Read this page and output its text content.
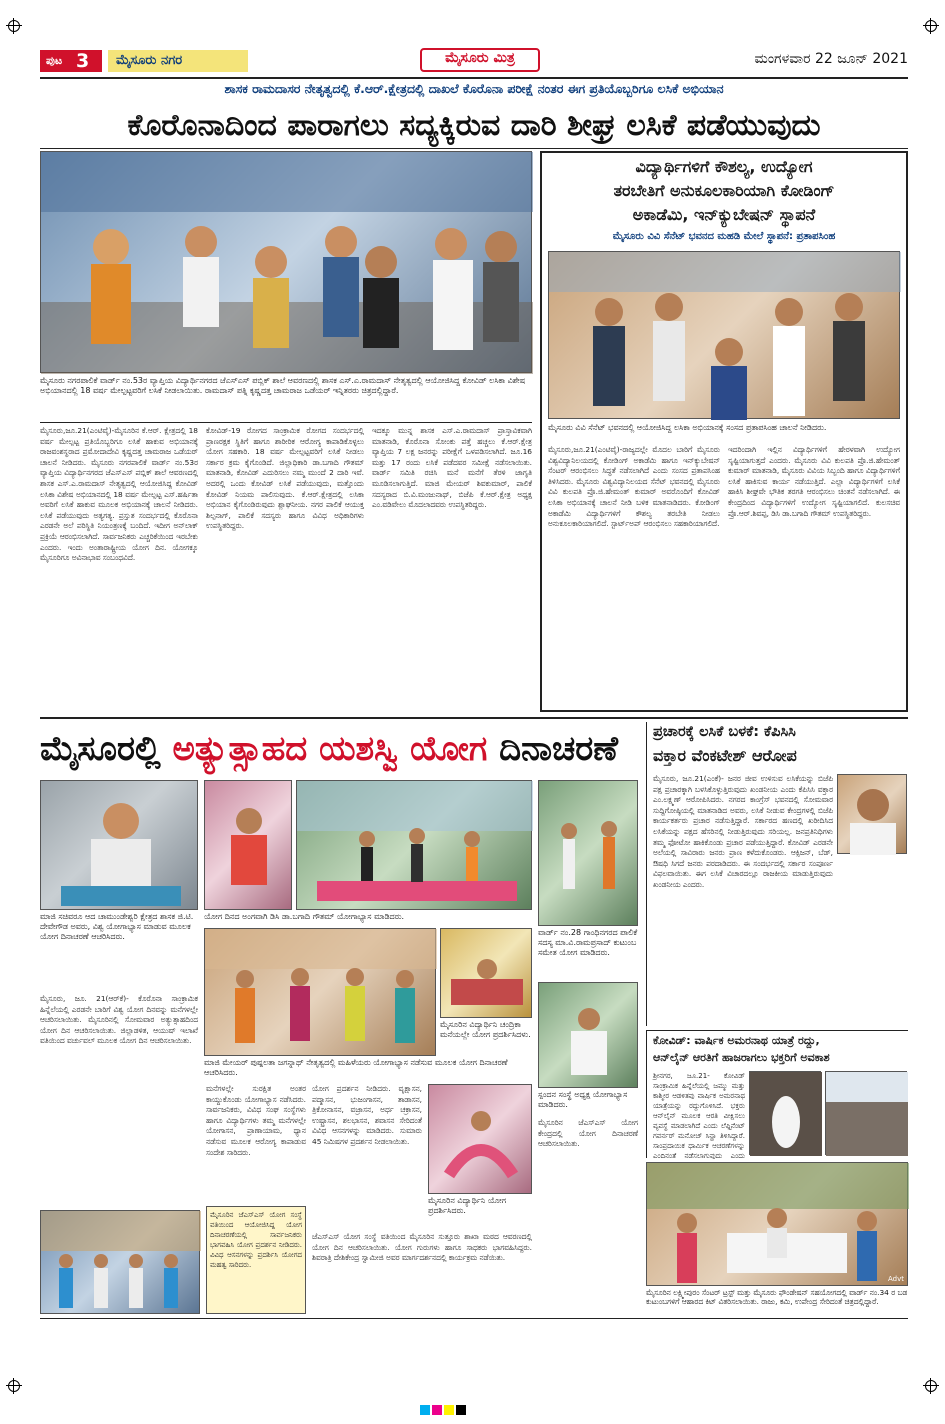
ಪುಟ 3	ಮೈಸೂರು ನಗರ	ಮೈಸೂರು ಮಿತ್ರ	ಮಂಗಳವಾರ 22 ಜೂನ್ 2021
ಶಾಸಕ ರಾಮದಾಸರ ನೇತೃತ್ವದಲ್ಲಿ ಕೆ.ಆರ್.ಕ್ಷೇತ್ರದಲ್ಲಿ ದಾಖಲೆ ಕೊರೊನಾ ಪರೀಕ್ಷೆ ನಂತರ ಈಗ ಪ್ರತಿಯೊಬ್ಬರಿಗೂ ಲಸಿಕೆ ಅಭಿಯಾನ
ಕೊರೊನಾದಿಂದ ಪಾರಾಗಲು ಸದ್ಯಕ್ಕಿರುವ ದಾರಿ ಶೀಘ್ರ ಲಸಿಕೆ ಪಡೆಯುವುದು
ಮೈಸೂರು ನಗರಪಾಲಿಕೆ ವಾರ್ಡ್ ನಂ.53ರ ವ್ಯಾಪ್ತಿಯ ವಿದ್ಯಾರ್ಥಿನಗರದ ಜೆಎಸ್‌ಎಸ್ ಪಬ್ಲಿಕ್ ಶಾಲೆ ಆವರಣದಲ್ಲಿ ಶಾಸಕ ಎಸ್.ಎ.ರಾಮದಾಸ್ ನೇತೃತ್ವದಲ್ಲಿ ಆಯೋಜಿಸಿದ್ದ ಕೋವಿಡ್ ಲಸಿಕಾ ವಿಶೇಷ ಅಭಿಯಾನದಲ್ಲಿ 18 ವರ್ಷ ಮೇಲ್ಪಟ್ಟವರಿಗೆ ಲಸಿಕೆ ನೀಡಲಾಯಿತು. ರಾಮದಾಸ್ ಪತ್ನಿ ಕೃಷ್ಣದತ್ತ ಚಾಮರಾಜ ಒಡೆಯರ್ ಇನ್ನಿತರರು ಚಿತ್ರದಲ್ಲಿದ್ದಾರೆ.
ಮೈಸೂರು,ಜೂ.21(ಎಂಟಿವೈ)-ಮೈಸೂರಿನ ಕೆ.ಆರ್. ಕ್ಷೇತ್ರದಲ್ಲಿ 18 ವರ್ಷ ಮೇಲ್ಪಟ್ಟ ಪ್ರತಿಯೊಬ್ಬರಿಗೂ ಲಸಿಕೆ ಹಾಕುವ ಅಭಿಯಾನಕ್ಕೆ ರಾಜವಂಶಸ್ಥರಾದ ಪ್ರಮೋದಾದೇವಿ ಕೃಷ್ಣದತ್ತ ಚಾಮರಾಜ ಒಡೆಯರ್ ಚಾಲನೆ ನೀಡಿದರು. ಮೈಸೂರು ನಗರಪಾಲಿಕೆ ವಾರ್ಡ್ ನಂ.53ರ ವ್ಯಾಪ್ತಿಯ ವಿದ್ಯಾರ್ಥಿನಗರದ ಜೆಎಸ್‌ಎಸ್ ಪಬ್ಲಿಕ್ ಶಾಲೆ ಆವರಣದಲ್ಲಿ ಶಾಸಕ ಎಸ್.ಎ.ರಾಮದಾಸ್ ನೇತೃತ್ವದಲ್ಲಿ ಆಯೋಜಿಸಿದ್ದ ಕೋವಿಡ್ ಲಸಿಕಾ ವಿಶೇಷ ಅಭಿಯಾನದಲ್ಲಿ 18 ವರ್ಷ ಮೇಲ್ಪಟ್ಟ ಎಸ್.ಹರ್ಷಿತಾ ಅವರಿಗೆ ಲಸಿಕೆ ಹಾಕುವ ಮೂಲಕ ಅಭಿಯಾನಕ್ಕೆ ಚಾಲನೆ ನೀಡಿದರು. ಲಸಿಕೆ ಪಡೆಯುವುದು ಅತ್ಯಗತ್ಯ. ಪ್ರಸ್ತುತ ಸಂದರ್ಭದಲ್ಲಿ ಕೊರೊನಾ ಎರಡನೇ ಅಲೆ ಪರಿಸ್ಥಿತಿ ನಿಯಂತ್ರಣಕ್ಕೆ ಬಂದಿದೆ. ಇದೀಗ ಅನ್‌ಲಾಕ್ ಪ್ರಕ್ರಿಯೆ ಆರಂಭಿಸಲಾಗಿದೆ. ಸಾರ್ವಜನಿಕರು ಎಚ್ಚರಿಕೆಯಿಂದ ಇರಬೇಕು ಎಂದರು. ಇಂದು ಅಂತಾರಾಷ್ಟ್ರೀಯ ಯೋಗ ದಿನ. ಯೋಗಕ್ಕೂ ಮೈಸೂರಿಗೂ ಅವಿನಾಭಾವ ಸಂಬಂಧವಿದೆ.
ಕೋವಿಡ್-19 ರೋಗದ ಸಾಂಕ್ರಾಮಿಕ ರೋಗದ ಸಂದರ್ಭದಲ್ಲಿ ಪ್ರಾಣರಕ್ಷಕ ಸ್ಥಿತಿಗೆ ಹಾಗೂ ಶಾರೀರಿಕ ಆರೋಗ್ಯ ಕಾಪಾಡಿಕೊಳ್ಳಲು ಯೋಗ ಸಹಕಾರಿ. 18 ವರ್ಷ ಮೇಲ್ಪಟ್ಟವರಿಗೆ ಲಸಿಕೆ ನೀಡಲು ಸರ್ಕಾರ ಕ್ರಮ ಕೈಗೊಂಡಿದೆ. ಜಿಲ್ಲಾಧಿಕಾರಿ ಡಾ.ಬಗಾದಿ ಗೌತಮ್ ಮಾತನಾಡಿ, ಕೋವಿಡ್ ಎದುರಿಸಲು ನಮ್ಮ ಮುಂದೆ 2 ದಾರಿ ಇವೆ. ಅದರಲ್ಲಿ ಒಂದು ಕೋವಿಡ್ ಲಸಿಕೆ ಪಡೆಯುವುದು, ಮತ್ತೊಂದು ಕೋವಿಡ್ ನಿಯಮ ಪಾಲಿಸುವುದು. ಕೆ.ಆರ್.ಕ್ಷೇತ್ರದಲ್ಲಿ ಲಸಿಕಾ ಅಭಿಯಾನ ಕೈಗೊಂಡಿರುವುದು ಶ್ಲಾಘನೀಯ. ನಗರ ಪಾಲಿಕೆ ಆಯುಕ್ತ ಶಿಲ್ಪನಾಗ್, ಪಾಲಿಕೆ ಸದಸ್ಯರು ಹಾಗೂ ವಿವಿಧ ಅಧಿಕಾರಿಗಳು ಉಪಸ್ಥಿತರಿದ್ದರು.
ಇದಕ್ಕೂ ಮುನ್ನ ಶಾಸಕ ಎಸ್.ಎ.ರಾಮದಾಸ್ ಪ್ರಾಸ್ತಾವಿಕವಾಗಿ ಮಾತನಾಡಿ, ಕೊರೊನಾ ಸೋಂಕು ಪತ್ತೆ ಹಚ್ಚಲು ಕೆ.ಆರ್.ಕ್ಷೇತ್ರ ವ್ಯಾಪ್ತಿಯ 7 ಲಕ್ಷ ಜನರನ್ನು ಪರೀಕ್ಷೆಗೆ ಒಳಪಡಿಸಲಾಗಿದೆ. ಜೂ.16 ಮತ್ತು 17 ರಂದು ಲಸಿಕೆ ಪಡೆದವರ ಸಮೀಕ್ಷೆ ನಡೆಸಲಾಯಿತು. ವಾರ್ಡ್ ಸಮಿತಿ ರಚಿಸಿ ಮನೆ ಮನೆಗೆ ತೆರಳಿ ಜಾಗೃತಿ ಮೂಡಿಸಲಾಗುತ್ತಿದೆ. ಮಾಜಿ ಮೇಯರ್ ಶಿವಕುಮಾರ್, ಪಾಲಿಕೆ ಸದಸ್ಯರಾದ ಬಿ.ವಿ.ಮಂಜುನಾಥ್, ಬಿಜೆಪಿ ಕೆ.ಆರ್.ಕ್ಷೇತ್ರ ಅಧ್ಯಕ್ಷ ಎಂ.ವಡಿವೇಲು ಮೊದಲಾದವರು ಉಪಸ್ಥಿತರಿದ್ದರು.
ವಿದ್ಯಾರ್ಥಿಗಳಿಗೆ ಕೌಶಲ್ಯ, ಉದ್ಯೋಗ
ತರಬೇತಿಗೆ ಅನುಕೂಲಕಾರಿಯಾಗಿ ಕೋಡಿಂಗ್
ಅಕಾಡೆಮಿ, ಇನ್‌ಕ್ಯುಬೇಷನ್ ಸ್ಥಾಪನೆ
ಮೈಸೂರು ವಿವಿ ಸೆನೆಟ್ ಭವನದ ಮಹಡಿ ಮೇಲೆ ಸ್ಥಾಪನೆ: ಪ್ರತಾಪಸಿಂಹ
ಮೈಸೂರು ವಿವಿ ಸೆನೆಟ್ ಭವನದಲ್ಲಿ ಆಯೋಜಿಸಿದ್ದ ಲಸಿಕಾ ಅಭಿಯಾನಕ್ಕೆ ಸಂಸದ ಪ್ರತಾಪಸಿಂಹ ಚಾಲನೆ ನೀಡಿದರು.
ಮೈಸೂರು,ಜೂ.21(ಎಂಟಿವೈ)-ರಾಜ್ಯದಲ್ಲೇ ಮೊದಲ ಬಾರಿಗೆ ಮೈಸೂರು ವಿಶ್ವವಿದ್ಯಾನಿಲಯದಲ್ಲಿ ಕೋಡಿಂಗ್ ಅಕಾಡೆಮಿ ಹಾಗೂ ಇನ್‌ಕ್ಯುಬೇಷನ್ ಸೆಂಟರ್ ಆರಂಭಿಸಲು ಸಿದ್ಧತೆ ನಡೆಸಲಾಗಿದೆ ಎಂದು ಸಂಸದ ಪ್ರತಾಪಸಿಂಹ ತಿಳಿಸಿದರು. ಮೈಸೂರು ವಿಶ್ವವಿದ್ಯಾನಿಲಯದ ಸೆನೆಟ್ ಭವನದಲ್ಲಿ ಮೈಸೂರು ವಿವಿ ಕುಲಪತಿ ಪ್ರೊ.ಜಿ.ಹೇಮಂತ್ ಕುಮಾರ್ ಅವರೊಂದಿಗೆ ಕೋವಿಡ್ ಲಸಿಕಾ ಅಭಿಯಾನಕ್ಕೆ ಚಾಲನೆ ನೀಡಿ ಬಳಿಕ ಮಾತನಾಡಿದರು. ಕೋಡಿಂಗ್ ಅಕಾಡೆಮಿ ವಿದ್ಯಾರ್ಥಿಗಳಿಗೆ ಕೌಶಲ್ಯ ತರಬೇತಿ ನೀಡಲು ಅನುಕೂಲಕಾರಿಯಾಗಲಿದೆ. ಸ್ಟಾರ್ಟ್‌ಅಪ್ ಆರಂಭಿಸಲು ಸಹಕಾರಿಯಾಗಲಿದೆ.
ಇದರಿಂದಾಗಿ ಇಲ್ಲಿನ ವಿದ್ಯಾರ್ಥಿಗಳಿಗೆ ಹೇರಳವಾಗಿ ಉದ್ಯೋಗ ಸೃಷ್ಟಿಯಾಗುತ್ತದೆ ಎಂದರು. ಮೈಸೂರು ವಿವಿ ಕುಲಪತಿ ಪ್ರೊ.ಜಿ.ಹೇಮಂತ್ ಕುಮಾರ್ ಮಾತನಾಡಿ, ಮೈಸೂರು ವಿವಿಯ ಸಿಬ್ಬಂದಿ ಹಾಗೂ ವಿದ್ಯಾರ್ಥಿಗಳಿಗೆ ಲಸಿಕೆ ಹಾಕಿಸುವ ಕಾರ್ಯ ನಡೆಯುತ್ತಿದೆ. ಎಲ್ಲಾ ವಿದ್ಯಾರ್ಥಿಗಳಿಗೆ ಲಸಿಕೆ ಹಾಕಿಸಿ ಶೀಘ್ರವೇ ಭೌತಿಕ ತರಗತಿ ಆರಂಭಿಸಲು ಚಿಂತನೆ ನಡೆಸಲಾಗಿದೆ. ಈ ಕೇಂದ್ರದಿಂದ ವಿದ್ಯಾರ್ಥಿಗಳಿಗೆ ಉದ್ಯೋಗ ಸೃಷ್ಟಿಯಾಗಲಿದೆ. ಕುಲಸಚಿವ ಪ್ರೊ.ಆರ್.ಶಿವಪ್ಪ, ಡಿಸಿ ಡಾ.ಬಗಾದಿ ಗೌತಮ್ ಉಪಸ್ಥಿತರಿದ್ದರು.
ಮೈಸೂರಲ್ಲಿ ಅತ್ಯುತ್ಸಾಹದ ಯಶಸ್ವಿ ಯೋಗ ದಿನಾಚರಣೆ
ಮಾಜಿ ಸಚಿವರೂ ಆದ ಚಾಮುಂಡೇಶ್ವರಿ ಕ್ಷೇತ್ರದ ಶಾಸಕ ಜಿ.ಟಿ. ದೇವೇಗೌಡ ಅವರು, ವಿಶ್ವ ಯೋಗಾಭ್ಯಾಸ ಮಾಡುವ ಮೂಲಕ ಯೋಗ ದಿನಾಚರಣೆ ಆಚರಿಸಿದರು.
ಯೋಗ ದಿನದ ಅಂಗವಾಗಿ ಡಿಸಿ ಡಾ.ಬಗಾದಿ ಗೌತಮ್ ಯೋಗಾಭ್ಯಾಸ ಮಾಡಿದರು.
ಮೈಸೂರಿನ ವಿದ್ಯಾರ್ಥಿನಿ ಚಂದ್ರಿಕಾ ಮನೆಯಲ್ಲೇ ಯೋಗ ಪ್ರದರ್ಶಿಸಿದಳು.
ಮಾಜಿ ಮೇಯರ್ ಪುಷ್ಪಲತಾ ಜಗನ್ನಾಥ್ ನೇತೃತ್ವದಲ್ಲಿ ಮಹಿಳೆಯರು ಯೋಗಾಭ್ಯಾಸ ನಡೆಸುವ ಮೂಲಕ ಯೋಗ ದಿನಾಚರಣೆ ಆಚರಿಸಿದರು.
ಮೈಸೂರು, ಜೂ. 21(ಆರ್‌ಕೆ)- ಕೊರೊನಾ ಸಾಂಕ್ರಾಮಿಕ ಹಿನ್ನೆಲೆಯಲ್ಲಿ ಎರಡನೇ ಬಾರಿಗೆ ವಿಶ್ವ ಯೋಗ ದಿನವನ್ನು ಮನೆಗಳಲ್ಲೇ ಆಚರಿಸಲಾಯಿತು. ಮೈಸೂರಿನಲ್ಲಿ ಸೋಮವಾರ ಅತ್ಯುತ್ಸಾಹದಿಂದ ಯೋಗ ದಿನ ಆಚರಿಸಲಾಯಿತು. ಜಿಲ್ಲಾಡಳಿತ, ಆಯುಷ್ ಇಲಾಖೆ ವತಿಯಿಂದ ವರ್ಚುವಲ್ ಮೂಲಕ ಯೋಗ ದಿನ ಆಚರಿಸಲಾಯಿತು.
ಮನೆಗಳಲ್ಲೇ ಸುರಕ್ಷಿತ ಅಂತರ ಕಾಯ್ದುಕೊಂಡು ಯೋಗಾಭ್ಯಾಸ ನಡೆಸಿದರು. ಸಾರ್ವಜನಿಕರು, ವಿವಿಧ ಸಂಘ ಸಂಸ್ಥೆಗಳು ಹಾಗೂ ವಿದ್ಯಾರ್ಥಿಗಳು ತಮ್ಮ ಮನೆಗಳಲ್ಲೇ ಯೋಗಾಸನ, ಪ್ರಾಣಾಯಾಮ, ಧ್ಯಾನ ನಡೆಸುವ ಮೂಲಕ ಆರೋಗ್ಯ ಕಾಪಾಡುವ ಸಂದೇಶ ಸಾರಿದರು.
ಯೋಗ ಪ್ರದರ್ಶನ ನೀಡಿದರು. ವೃಕ್ಷಾಸನ, ಪದ್ಮಾಸನ, ಭುಜಂಗಾಸನ, ತಾಡಾಸನ, ತ್ರಿಕೋನಾಸನ, ವಜ್ರಾಸನ, ಅರ್ಧ ಚಕ್ರಾಸನ, ಉಷ್ಟ್ರಾಸನ, ಶಲಭಾಸನ, ಶವಾಸನ ಸೇರಿದಂತೆ ವಿವಿಧ ಆಸನಗಳನ್ನು ಮಾಡಿದರು. ಸುಮಾರು 45 ನಿಮಿಷಗಳ ಪ್ರದರ್ಶನ ನೀಡಲಾಯಿತು.
ಮೈಸೂರಿನ ವಿದ್ಯಾರ್ಥಿನಿ ಯೋಗ ಪ್ರದರ್ಶಿಸಿದರು.
ಮೈಸೂರಿನ ಜೆಎಸ್‌ಎಸ್ ಯೋಗ ಸಂಸ್ಥೆ ವತಿಯಿಂದ ಆಯೋಜಿಸಿದ್ದ ಯೋಗ ದಿನಾಚರಣೆಯಲ್ಲಿ ಸಾರ್ವಜನಿಕರು ಭಾಗವಹಿಸಿ ಯೋಗ ಪ್ರದರ್ಶನ ನೀಡಿದರು. ವಿವಿಧ ಆಸನಗಳನ್ನು ಪ್ರದರ್ಶಿಸಿ ಯೋಗದ ಮಹತ್ವ ಸಾರಿದರು.
ಜೆಎಸ್‌ಎಸ್ ಯೋಗ ಸಂಸ್ಥೆ ವತಿಯಿಂದ ಮೈಸೂರಿನ ಸುತ್ತೂರು ಶಾಖಾ ಮಠದ ಆವರಣದಲ್ಲಿ ಯೋಗ ದಿನ ಆಚರಿಸಲಾಯಿತು. ಯೋಗ ಗುರುಗಳು ಹಾಗೂ ಸಾಧಕರು ಭಾಗವಹಿಸಿದ್ದರು. ಶಿವರಾತ್ರಿ ದೇಶಿಕೇಂದ್ರ ಸ್ವಾಮೀಜಿ ಅವರ ಮಾರ್ಗದರ್ಶನದಲ್ಲಿ ಕಾರ್ಯಕ್ರಮ ನಡೆಯಿತು.
ವಾರ್ಡ್ ನಂ.28 ಗಾಂಧಿನಗರದ ಪಾಲಿಕೆ ಸದಸ್ಯ ಮಾ.ವಿ.ರಾಮಪ್ರಸಾದ್ ಕುಟುಂಬ ಸಮೇತ ಯೋಗ ಮಾಡಿದರು.
ಸ್ಪಂದನ ಸಂಸ್ಥೆ ಅಧ್ಯಕ್ಷ ಯೋಗಾಭ್ಯಾಸ ಮಾಡಿದರು.
ಮೈಸೂರಿನ ಜೆಎಸ್‌ಎಸ್ ಯೋಗ ಕೇಂದ್ರದಲ್ಲಿ ಯೋಗ ದಿನಾಚರಣೆ ಆಚರಿಸಲಾಯಿತು.
ಪ್ರಚಾರಕ್ಕೆ ಲಸಿಕೆ ಬಳಕೆ: ಕೆಪಿಸಿಸಿ
ವಕ್ತಾರ ವೆಂಕಟೇಶ್ ಆರೋಪ
ಮೈಸೂರು, ಜೂ.21(ಎಂಕೆ)- ಜನರ ಜೀವ ಉಳಿಸುವ ಲಸಿಕೆಯನ್ನು ಬಿಜೆಪಿ ಪಕ್ಷ ಪ್ರಚಾರಕ್ಕಾಗಿ ಬಳಸಿಕೊಳ್ಳುತ್ತಿರುವುದು ಖಂಡನೀಯ ಎಂದು ಕೆಪಿಸಿಸಿ ವಕ್ತಾರ ಎಂ.ಲಕ್ಷ್ಮಣ್ ಆರೋಪಿಸಿದರು. ನಗರದ ಕಾಂಗ್ರೆಸ್ ಭವನದಲ್ಲಿ ಸೋಮವಾರ ಸುದ್ದಿಗೋಷ್ಠಿಯಲ್ಲಿ ಮಾತನಾಡಿದ ಅವರು, ಲಸಿಕೆ ನೀಡುವ ಕೇಂದ್ರಗಳಲ್ಲಿ ಬಿಜೆಪಿ ಕಾರ್ಯಕರ್ತರು ಪ್ರಚಾರ ನಡೆಸುತ್ತಿದ್ದಾರೆ. ಸರ್ಕಾರದ ಹಣದಲ್ಲಿ ಖರೀದಿಸಿದ ಲಸಿಕೆಯನ್ನು ಪಕ್ಷದ ಹೆಸರಿನಲ್ಲಿ ನೀಡುತ್ತಿರುವುದು ಸರಿಯಲ್ಲ. ಜನಪ್ರತಿನಿಧಿಗಳು ತಮ್ಮ ಫೋಟೋ ಹಾಕಿಕೊಂಡು ಪ್ರಚಾರ ಪಡೆಯುತ್ತಿದ್ದಾರೆ. ಕೋವಿಡ್ ಎರಡನೇ ಅಲೆಯಲ್ಲಿ ಸಾವಿರಾರು ಜನರು ಪ್ರಾಣ ಕಳೆದುಕೊಂಡರು. ಆಕ್ಸಿಜನ್, ಬೆಡ್, ಔಷಧಿ ಸಿಗದೆ ಜನರು ಪರದಾಡಿದರು. ಈ ಸಂದರ್ಭದಲ್ಲಿ ಸರ್ಕಾರ ಸಂಪೂರ್ಣ ವಿಫಲವಾಯಿತು. ಈಗ ಲಸಿಕೆ ವಿಚಾರದಲ್ಲೂ ರಾಜಕೀಯ ಮಾಡುತ್ತಿರುವುದು ಖಂಡನೀಯ ಎಂದರು.
ಕೋವಿಡ್: ವಾರ್ಷಿಕ ಅಮರನಾಥ ಯಾತ್ರೆ ರದ್ದು,
ಆನ್‌ಲೈನ್ ಆರತಿಗೆ ಹಾಜರಾಗಲು ಭಕ್ತರಿಗೆ ಅವಕಾಶ
ಶ್ರೀನಗರ, ಜೂ.21- ಕೋವಿಡ್ ಸಾಂಕ್ರಾಮಿಕ ಹಿನ್ನೆಲೆಯಲ್ಲಿ ಜಮ್ಮು ಮತ್ತು ಕಾಶ್ಮೀರ ಆಡಳಿತವು ವಾರ್ಷಿಕ ಅಮರನಾಥ ಯಾತ್ರೆಯನ್ನು ರದ್ದುಗೊಳಿಸಿದೆ. ಭಕ್ತರು ಆನ್‌ಲೈನ್ ಮೂಲಕ ಆರತಿ ವೀಕ್ಷಿಸಲು ವ್ಯವಸ್ಥೆ ಮಾಡಲಾಗಿದೆ ಎಂದು ಲೆಫ್ಟಿನೆಂಟ್ ಗವರ್ನರ್ ಮನೋಜ್ ಸಿನ್ಹಾ ತಿಳಿಸಿದ್ದಾರೆ. ಸಾಂಪ್ರದಾಯಿಕ ಧಾರ್ಮಿಕ ಆಚರಣೆಗಳನ್ನು ಎಂದಿನಂತೆ ನಡೆಸಲಾಗುವುದು ಎಂದು
ಮೈಸೂರಿನ ಲಕ್ಷ್ಮೀಪುರಂ ಸೆಂಟರ್ ಟ್ರಸ್ಟ್ ಮತ್ತು ಮೈಸೂರು ಫೌಂಡೇಷನ್ ಸಹಯೋಗದಲ್ಲಿ ವಾರ್ಡ್ ನಂ.34 ರ ಬಡ ಕುಟುಂಬಗಳಿಗೆ ಆಹಾರದ ಕಿಟ್ ವಿತರಿಸಲಾಯಿತು. ರಾಜು, ಕಮಿ, ಉಪೇಂದ್ರ ಸೇರಿದಂತೆ ಚಿತ್ರದಲ್ಲಿದ್ದಾರೆ.
Advt
